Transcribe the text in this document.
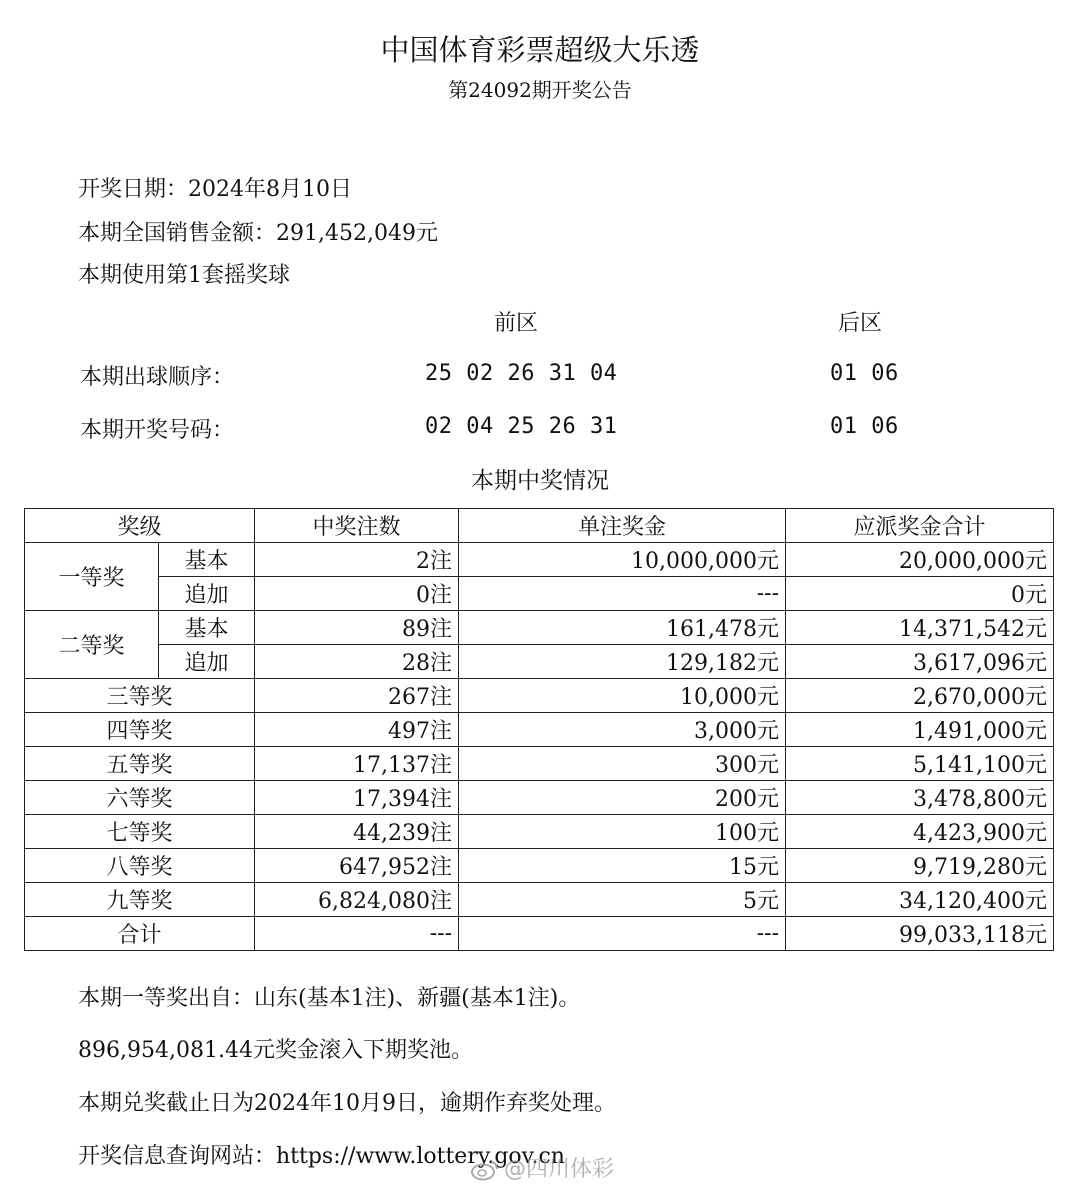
中国体育彩票超级大乐透
第24092期开奖公告
开奖日期：2024年8月10日
本期全国销售金额：291,452,049元
本期使用第1套摇奖球
前区	后区
本期出球顺序：	25 02 26 31 04	01 06
本期开奖号码：	02 04 25 26 31	01 06
本期中奖情况
奖级		中奖注数	单注奖金	应派奖金合计
一等奖	基本	2注	10,000,000元	20,000,000元
	追加	0注	---	0元
二等奖	基本	89注	161,478元	14,371,542元
	追加	28注	129,182元	3,617,096元
三等奖		267注	10,000元	2,670,000元
四等奖		497注	3,000元	1,491,000元
五等奖		17,137注	300元	5,141,100元
六等奖		17,394注	200元	3,478,800元
七等奖		44,239注	100元	4,423,900元
八等奖		647,952注	15元	9,719,280元
九等奖		6,824,080注	5元	34,120,400元
合计		---	---	99,033,118元
本期一等奖出自：山东(基本1注)、新疆(基本1注)。
896,954,081.44元奖金滚入下期奖池。
本期兑奖截止日为2024年10月9日，逾期作弃奖处理。
开奖信息查询网站：https://www.lottery.gov.cn
@四川体彩
